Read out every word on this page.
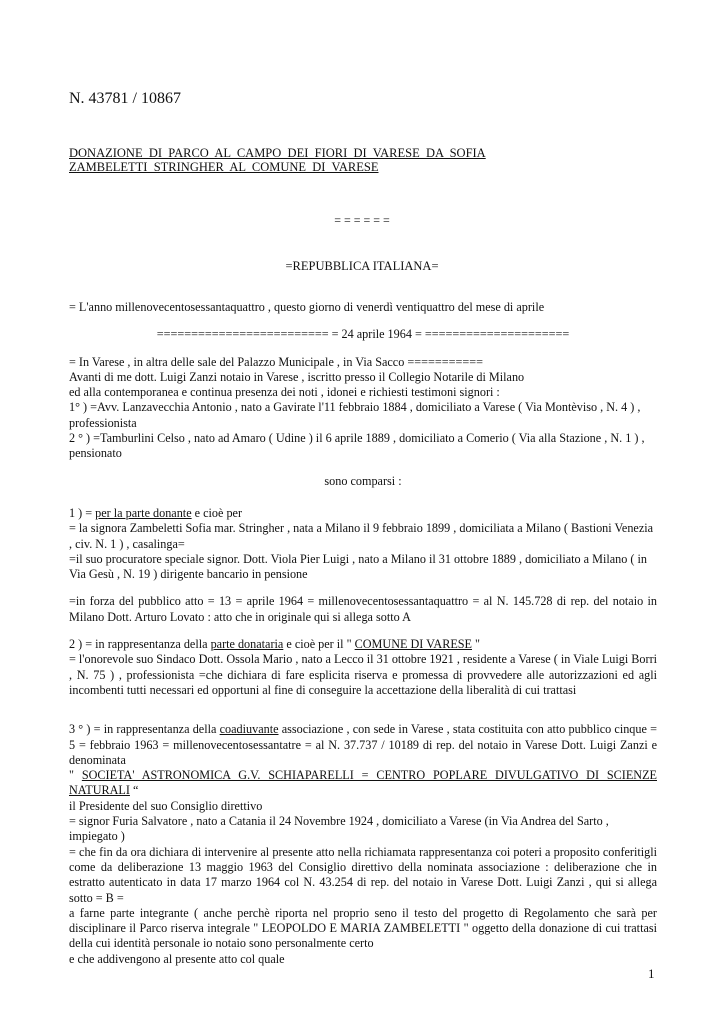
N. 43781 / 10867
DONAZIONE  DI  PARCO  AL  CAMPO  DEI  FIORI  DI  VARESE  DA  SOFIA
ZAMBELETTI  STRINGHER  AL  COMUNE  DI  VARESE
= = = = = =
=REPUBBLICA ITALIANA=

= L'anno millenovecentosessantaquattro , questo giorno di venerdì ventiquattro del mese di aprile

========================= = 24 aprile 1964 = =====================

= In Varese , in altra delle sale del Palazzo Municipale , in Via Sacco ===========

Avanti di me dott. Luigi Zanzi notaio in Varese , iscritto presso il Collegio Notarile di Milano

ed alla contemporanea e continua presenza dei noti , idonei e richiesti testimoni signori :

1° ) =Avv. Lanzavecchia Antonio , nato a Gavirate l'11 febbraio 1884 , domiciliato a Varese ( Via Montèviso , N. 4 ) , professionista

2 ° ) =Tamburlini Celso , nato ad Amaro ( Udine ) il 6 aprile 1889 , domiciliato a Comerio ( Via alla Stazione , N. 1 ) , pensionato

sono comparsi :

1 ) = per la parte donante e cioè per

= la signora Zambeletti Sofia mar. Stringher , nata a Milano il 9 febbraio 1899 , domiciliata a Milano ( Bastioni Venezia , civ. N. 1 ) , casalinga=

=il suo procuratore speciale signor. Dott. Viola Pier Luigi , nato a Milano il 31 ottobre 1889 , domiciliato a Milano ( in Via Gesù , N. 19 ) dirigente bancario in pensione

=in forza del pubblico atto = 13 = aprile 1964 = millenovecentosessantaquattro = al N. 145.728 di rep. del notaio in Milano Dott. Arturo Lovato : atto che in originale qui si allega sotto A

2 ) = in rappresentanza della parte donataria e cioè per il " COMUNE DI VARESE "

= l'onorevole suo Sindaco Dott. Ossola Mario , nato a Lecco il 31 ottobre 1921 , residente a Varese ( in Viale Luigi Borri , N. 75 ) , professionista =che dichiara di fare esplicita riserva e promessa di provvedere alle autorizzazioni ed agli incombenti tutti necessari ed opportuni al fine di conseguire la accettazione della liberalità di cui trattasi

3 ° ) = in rappresentanza della coadiuvante associazione , con sede in Varese , stata costituita con atto pubblico cinque = 5 = febbraio 1963 = millenovecentosessantatre = al N. 37.737 / 10189 di rep. del notaio in Varese Dott. Luigi Zanzi e denominata

" SOCIETA' ASTRONOMICA G.V. SCHIAPARELLI = CENTRO POPLARE DIVULGATIVO DI SCIENZE NATURALI “

il Presidente del suo Consiglio direttivo

= signor Furia Salvatore , nato a Catania il 24 Novembre 1924 , domiciliato a Varese (in Via Andrea del Sarto , impiegato )

= che fin da ora dichiara di intervenire al presente atto nella richiamata rappresentanza coi poteri a proposito conferitigli come da deliberazione 13 maggio 1963 del Consiglio direttivo della nominata associazione : deliberazione che in estratto autenticato in data 17 marzo 1964 col N. 43.254 di rep. del notaio in Varese Dott. Luigi Zanzi , qui si allega sotto = B =

a farne parte integrante ( anche perchè riporta nel proprio seno il testo del progetto di Regolamento che sarà per disciplinare il Parco riserva integrale " LEOPOLDO E MARIA ZAMBELETTI " oggetto della donazione di cui trattasi della cui identità personale io notaio sono personalmente certo

e che addivengono al presente atto col quale

1
